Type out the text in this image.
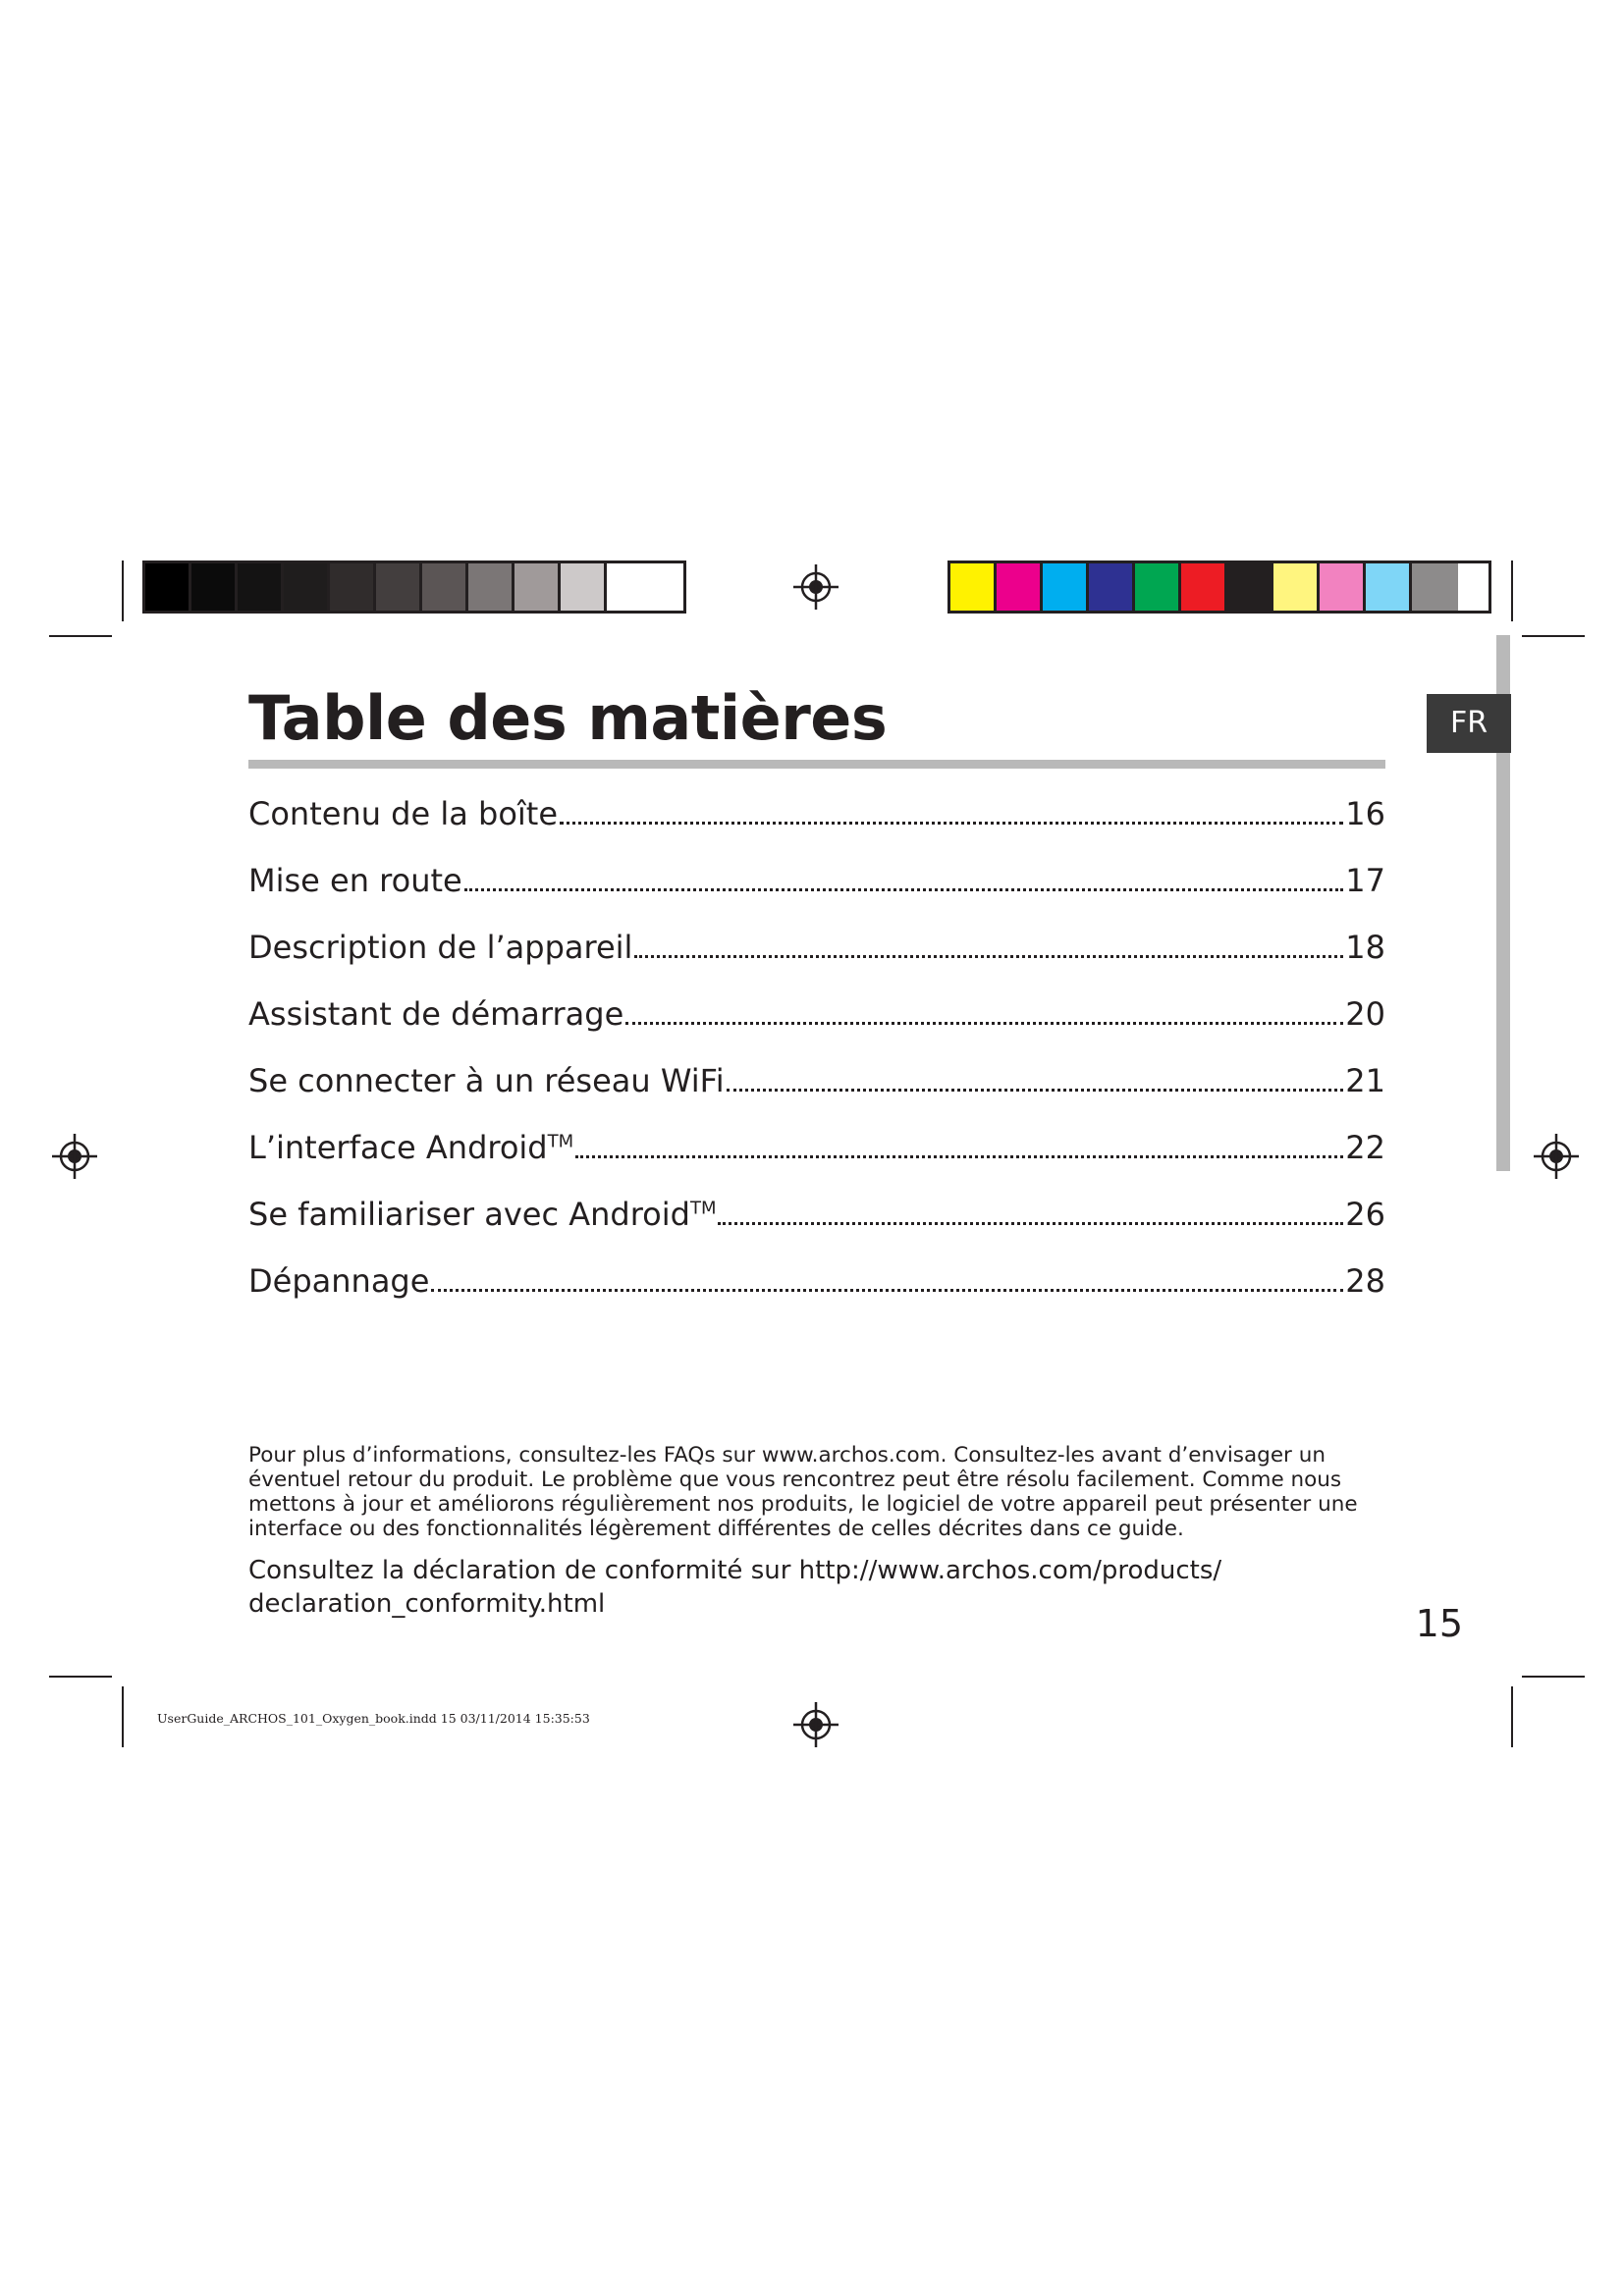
FR
Table des matières
Contenu de la boîte	16
Mise en route	17
Description de l’appareil	18
Assistant de démarrage	20
Se connecter à un réseau WiFi	21
L’interface Android™	22
Se familiariser avec Android™	26
Dépannage	28

Pour plus d’informations, consultez-les FAQs sur www.archos.com. Consultez-les avant d’envisager un éventuel retour du produit. Le problème que vous rencontrez peut être résolu facilement. Comme nous mettons à jour et améliorons régulièrement nos produits, le logiciel de votre appareil peut présenter une interface ou des fonctionnalités légèrement différentes de celles décrites dans ce guide.

Consultez la déclaration de conformité sur http://www.archos.com/products/ declaration_conformity.html	15
UserGuide_ARCHOS_101_Oxygen_book.indd 15 03/11/2014 15:35:53
